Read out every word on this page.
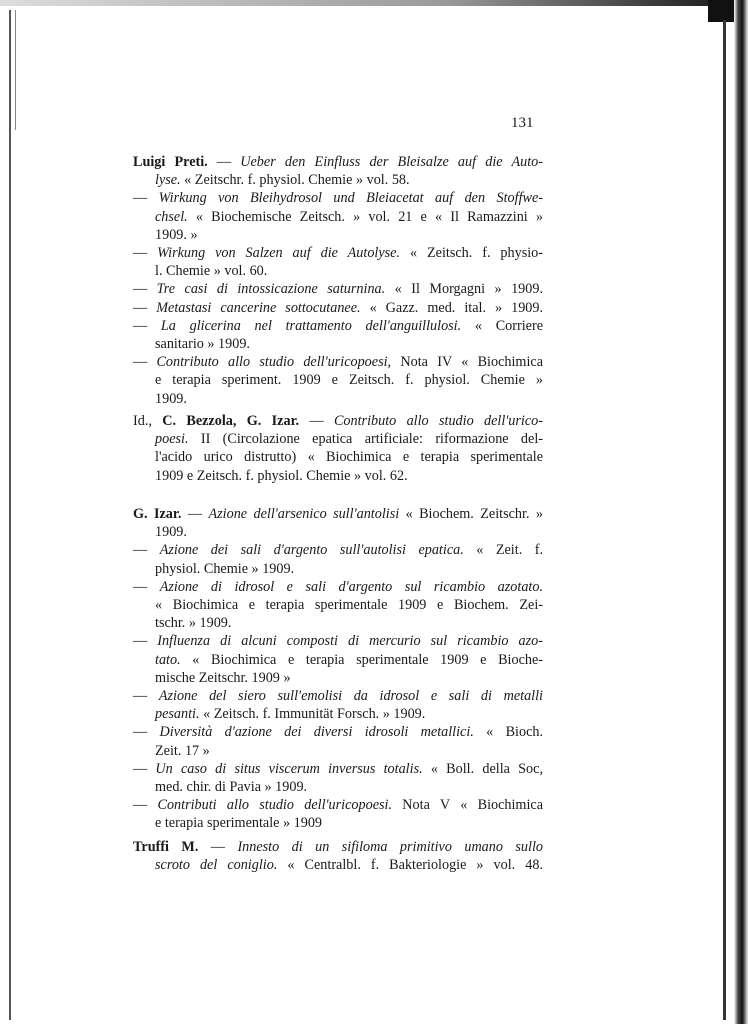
131
Luigi Preti. — Ueber den Einfluss der Bleisalze auf die Auto-
lyse. « Zeitschr. f. physiol. Chemie » vol. 58.
— Wirkung von Bleihydrosol und Bleiacetat auf den Stoffwe-
chsel. « Biochemische Zeitsch. » vol. 21 e « Il Ramazzini »
1909. »
— Wirkung von Salzen auf die Autolyse. « Zeitsch. f. physio-
l. Chemie » vol. 60.
— Tre casi di intossicazione saturnina. « Il Morgagni » 1909.
— Metastasi cancerine sottocutanee. « Gazz. med. ital. » 1909.
— La glicerina nel trattamento dell'anguillulosi. « Corriere
sanitario » 1909.
— Contributo allo studio dell'uricopoesi, Nota IV « Biochimica
e terapia speriment. 1909 e Zeitsch. f. physiol. Chemie »
1909.
Id., C. Bezzola, G. Izar. — Contributo allo studio dell'urico-
poesi. II (Circolazione epatica artificiale: riformazione del-
l'acido urico distrutto) « Biochimica e terapia sperimentale
1909 e Zeitsch. f. physiol. Chemie » vol. 62.
G. Izar. — Azione dell'arsenico sull'antolisi « Biochem. Zeitschr. »
1909.
— Azione dei sali d'argento sull'autolisi epatica. « Zeit. f.
physiol. Chemie » 1909.
— Azione di idrosol e sali d'argento sul ricambio azotato.
« Biochimica e terapia sperimentale 1909 e Biochem. Zei-
tschr. » 1909.
— Influenza di alcuni composti di mercurio sul ricambio azo-
tato. « Biochimica e terapia sperimentale 1909 e Bioche-
mische Zeitschr. 1909 »
— Azione del siero sull'emolisi da idrosol e sali di metalli
pesanti. « Zeitsch. f. Immunität Forsch. » 1909.
— Diversità d'azione dei diversi idrosoli metallici. « Bioch.
Zeit. 17 »
— Un caso di situs viscerum inversus totalis. « Boll. della Soc,
med. chir. di Pavia » 1909.
— Contributi allo studio dell'uricopoesi. Nota V « Biochimica
e terapia sperimentale » 1909
Truffi M. — Innesto di un sifiloma primitivo umano sullo
scroto del coniglio. « Centralbl. f. Bakteriologie » vol. 48.
